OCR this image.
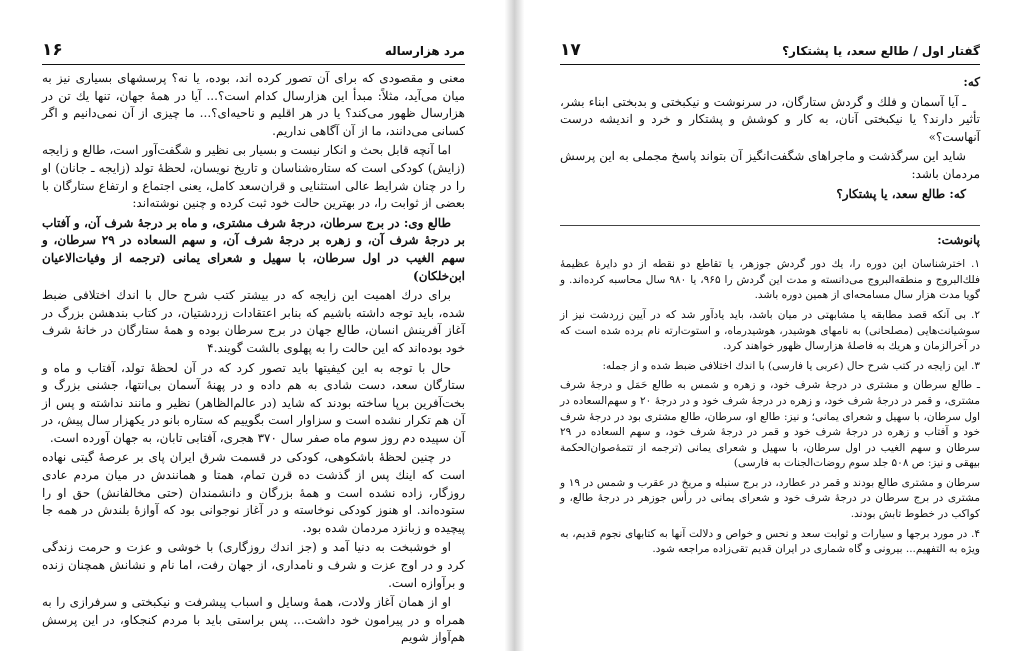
مرد هزارساله
۱۶

معنی و مقصودی که برای آن تصور کرده اند، بوده، یا نه؟ پرسشهای بسیاری نیز به میان می‌آید، مثلاً: مبدأ این هزارسال کدام است؟... آیا در همهٔ جهان، تنها یك تن در هزارسال ظهور می‌کند؟ یا در هر اقلیم و ناحیه‌ای؟... ما چیزی از آن نمی‌دانیم و اگر کسانی می‌دانند، ما از آن آگاهی نداریم.

اما آنچه قابل بحث و انکار نیست و بسیار بی نظیر و شگفت‌آور است، طالع و زایجه (زایش) کودکی است که ستاره‌شناسان و تاریخ نویسان، لحظهٔ تولد (زایجه ـ جانان) او را در چنان شرایط عالی استثنایی و قران‌سعد کامل، یعنی اجتماع و ارتفاع ستارگان با بعضی از ثوابت را، در بهترین حالت خود ثبت کرده و چنین نوشته‌اند:

طالع وی: در برج سرطان، درجهٔ شرف مشتری، و ماه بر درجهٔ شرف آن، و آفتاب بر درجهٔ شرف آن، و زهره بر درجهٔ شرف آن، و سهم السعاده در ۲۹ سرطان، و سهم الغیب در اول سرطان، با سهیل و شعرای یمانی (ترجمه از وفیات‌الاعیان ابن‌خلکان)

برای درك اهمیت این زایجه که در بیشتر کتب شرح حال با اندك اختلافی ضبط شده، باید توجه داشته باشیم که بنابر اعتقادات زردشتیان، در کتاب بندهشن بزرگ در آغاز آفرینش انسان، طالع جهان در برج سرطان بوده و همهٔ ستارگان در خانهٔ شرف خود بوده‌اند که این حالت را به پهلوی بالشت گویند.۴

حال با توجه به این کیفیتها باید تصور کرد که در آن لحظهٔ تولد، آفتاب و ماه و ستارگان سعد، دست شادی به هم داده و در پهنهٔ آسمان بی‌انتها، جشنی بزرگ و بخت‌آفرین برپا ساخته بودند که شاید (در عالم‌الظاهر) نظیر و مانند نداشته و پس از آن هم تکرار نشده است و سزاوار است بگوییم که ستاره بانو در یکهزار سال پیش، در آن سپیده دم روز سوم ماه صفر سال ۳۷۰ هجری، آفتابی تابان، به جهان آورده است.

در چنین لحظهٔ باشکوهی، کودکی در قسمت شرق ایران پای بر عرصهٔ گیتی نهاده است که اینك پس از گذشت ده قرن تمام، همتا و همانندش در میان مردم عادی روزگار، زاده نشده است و همهٔ بزرگان و دانشمندان (حتی مخالفانش) حق او را ستوده‌اند. او هنوز کودکی نوخاسته و در آغاز نوجوانی بود که آوازهٔ بلندش در همه جا پیچیده و زبانزد مردمان شده بود.

او خوشبخت به دنیا آمد و (جز اندك روزگاری) با خوشی و عزت و حرمت زندگی کرد و در اوج عزت و شرف و نامداری، از جهان رفت، اما نام و نشانش همچنان زنده و برآوازه است.

او از همان آغاز ولادت، همهٔ وسایل و اسباب پیشرفت و نیکبختی و سرفرازی را به همراه و در پیرامون خود داشت... پس براستی باید با مردم کنجکاو، در این پرسش هم‌آواز شویم

گفتار اول / طالع سعد، یا پشتکار؟
۱۷

که:

ـ آیا آسمان و فلك و گردش ستارگان، در سرنوشت و نیکبختی و بدبختی ابناء بشر، تأثیر دارند؟ یا نیکبختی آنان، به کار و کوشش و پشتکار و خرد و اندیشه درست آنهاست؟»

شاید این سرگذشت و ماجراهای شگفت‌انگیز آن بتواند پاسخ مجملی به این پرسش مردمان باشد:

که: طالع سعد، یا پشتکار؟

پانوشت:

۱. اخترشناسان این دوره را، یك دور گردش جوزهر، یا تقاطع دو نقطه از دو دایرهٔ عظیمهٔ فلك‌البروج و منطقه‌البروج می‌دانسته و مدت این گردش را ۹۶۵، یا ۹۸۰ سال محاسبه کرده‌اند. و گویا مدت هزار سال مسامحه‌ای از همین دوره باشد.

۲. بی آنکه قصد مطابقه یا مشابهتی در میان باشد، باید یادآور شد که در آیین زردشت نیز از سوشیانت‌هایی (مصلحانی) به نامهای هوشیدر، هوشیدرماه، و استوت‌ارته نام برده شده است که در آخرالزمان و هریك به فاصلهٔ هزارسال ظهور خواهند کرد.

۳. این زایجه در کتب شرح حال (عربی یا فارسی) با اندك اختلافی ضبط شده و از جمله:

ـ طالع سرطان و مشتری در درجهٔ شرف خود، و زهره و شمس به طالع حَمَل و درجهٔ شرف مشتری، و قمر در درجهٔ شرف خود، و زهره در درجهٔ شرف خود و در درجهٔ ۲۰ و سهم‌السعاده در اول سرطان، با سهیل و شعرای یمانی؛ و نیز: طالع او، سرطان، طالع مشتری بود در درجهٔ شرف خود و آفتاب و زهره در درجهٔ شرف خود و قمر در درجهٔ شرف خود، و سهم السعاده در ۲۹ سرطان و سهم الغیب در اول سرطان، با سهیل و شعرای یمانی (ترجمه از تتمهٔ‌صوان‌الحکمة بیهقی و نیز: ص ۵۰۸ جلد سوم روضات‌الجنات به فارسی)

سرطان و مشتری طالع بودند و قمر در عطارد، در برج سنبله و مریخ در عقرب و شمس در ۱۹ و مشتری در برج سرطان در درجهٔ شرف خود و شعرای یمانی در رأس جوزهر در درجهٔ طالع، و کواکب در خطوط تابش بودند.

۴. در مورد برجها و سیارات و ثوابت سعد و نحس و خواص و دلالت آنها به کتابهای نجوم قدیم، به ویژه به التفهیم... بیرونی و گاه شماری در ایران قدیم تقی‌زاده مراجعه شود.
